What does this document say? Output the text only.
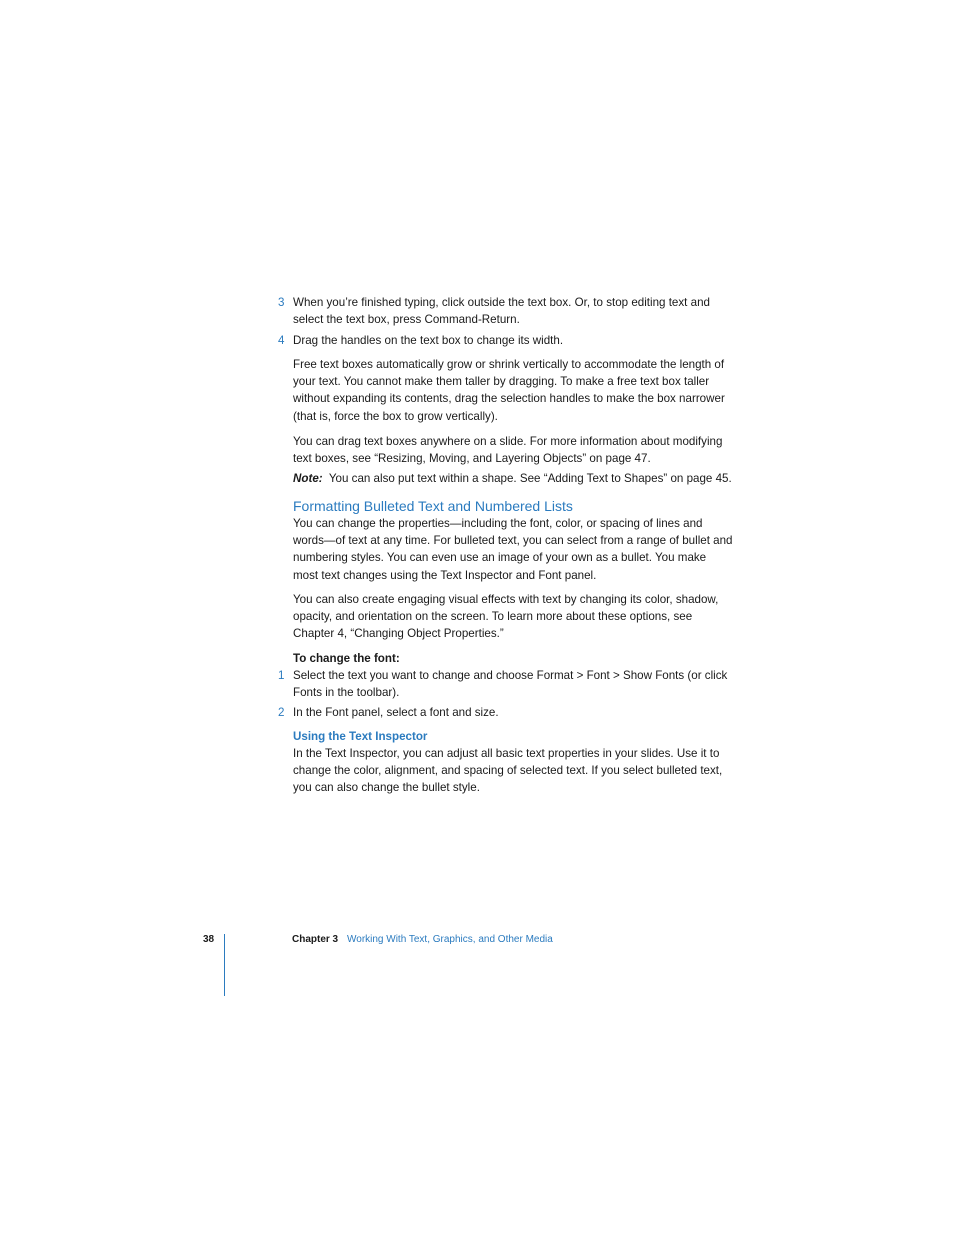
3 When you’re finished typing, click outside the text box. Or, to stop editing text and select the text box, press Command-Return.
4 Drag the handles on the text box to change its width.

Free text boxes automatically grow or shrink vertically to accommodate the length of your text. You cannot make them taller by dragging. To make a free text box taller without expanding its contents, drag the selection handles to make the box narrower (that is, force the box to grow vertically).

You can drag text boxes anywhere on a slide. For more information about modifying text boxes, see “Resizing, Moving, and Layering Objects” on page 47.

Note: You can also put text within a shape. See “Adding Text to Shapes” on page 45.

Formatting Bulleted Text and Numbered Lists

You can change the properties—including the font, color, or spacing of lines and words—of text at any time. For bulleted text, you can select from a range of bullet and numbering styles. You can even use an image of your own as a bullet. You make most text changes using the Text Inspector and Font panel.

You can also create engaging visual effects with text by changing its color, shadow, opacity, and orientation on the screen. To learn more about these options, see Chapter 4, “Changing Object Properties.”

To change the font:
1 Select the text you want to change and choose Format > Font > Show Fonts (or click Fonts in the toolbar).
2 In the Font panel, select a font and size.
Using the Text Inspector

In the Text Inspector, you can adjust all basic text properties in your slides. Use it to change the color, alignment, and spacing of selected text. If you select bulleted text, you can also change the bullet style.

38	Chapter 3 Working With Text, Graphics, and Other Media
